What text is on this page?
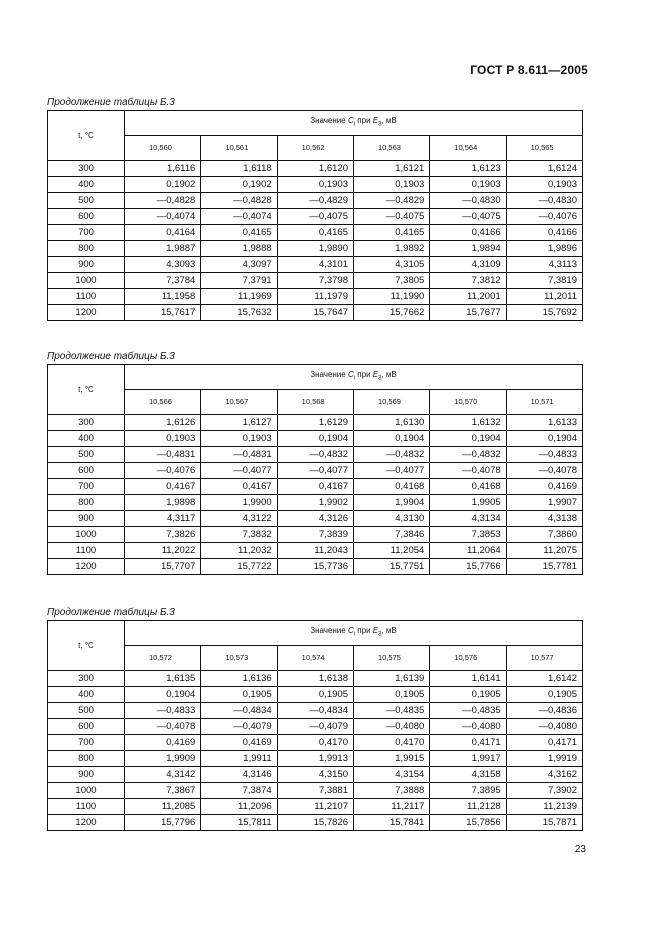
ГОСТ Р 8.611—2005
Продолжение таблицы Б.3
t, °С	Значение $C_i$ при $E_3$, мВ					
	10,560	10,561	10,562	10,563	10,564	10,565
300	1,6116	1,6118	1,6120	1,6121	1,6123	1,6124
400	0,1902	0,1902	0,1903	0,1903	0,1903	0,1903
500	—0,4828	—0,4828	—0,4829	—0,4829	—0,4830	—0,4830
600	—0,4074	—0,4074	—0,4075	—0,4075	—0,4075	—0,4076
700	0,4164	0,4165	0,4165	0,4165	0,4166	0,4166
800	1,9887	1,9888	1,9890	1,9892	1,9894	1,9896
900	4,3093	4,3097	4,3101	4,3105	4,3109	4,3113
1000	7,3784	7,3791	7,3798	7,3805	7,3812	7,3819
1100	11,1958	11,1969	11,1979	11,1990	11,2001	11,2011
1200	15,7617	15,7632	15,7647	15,7662	15,7677	15,7692
Продолжение таблицы Б.3
t, °С	Значение $C_i$ при $E_3$, мВ					
	10,566	10,567	10,568	10,569	10,570	10,571
300	1,6126	1,6127	1,6129	1,6130	1,6132	1,6133
400	0,1903	0,1903	0,1904	0,1904	0,1904	0,1904
500	—0,4831	—0,4831	—0,4832	—0,4832	—0,4832	—0,4833
600	—0,4076	—0,4077	—0,4077	—0,4077	—0,4078	—0,4078
700	0,4167	0,4167	0,4167	0,4168	0,4168	0,4169
800	1,9898	1,9900	1,9902	1,9904	1,9905	1,9907
900	4,3117	4,3122	4,3126	4,3130	4,3134	4,3138
1000	7,3826	7,3832	7,3839	7,3846	7,3853	7,3860
1100	11,2022	11,2032	11,2043	11,2054	11,2064	11,2075
1200	15,7707	15,7722	15,7736	15,7751	15,7766	15,7781
Продолжение таблицы Б.3
t, °С	Значение $C_i$ при $E_3$, мВ					
	10,572	10,573	10,574	10,575	10,576	10,577
300	1,6135	1,6136	1,6138	1,6139	1,6141	1,6142
400	0,1904	0,1905	0,1905	0,1905	0,1905	0,1905
500	—0,4833	—0,4834	—0,4834	—0,4835	—0,4835	—0,4836
600	—0,4078	—0,4079	—0,4079	—0,4080	—0,4080	—0,4080
700	0,4169	0,4169	0,4170	0,4170	0,4171	0,4171
800	1,9909	1,9911	1,9913	1,9915	1,9917	1,9919
900	4,3142	4,3146	4,3150	4,3154	4,3158	4,3162
1000	7,3867	7,3874	7,3881	7,3888	7,3895	7,3902
1100	11,2085	11,2096	11,2107	11,2117	11,2128	11,2139
1200	15,7796	15,7811	15,7826	15,7841	15,7856	15,7871
23
